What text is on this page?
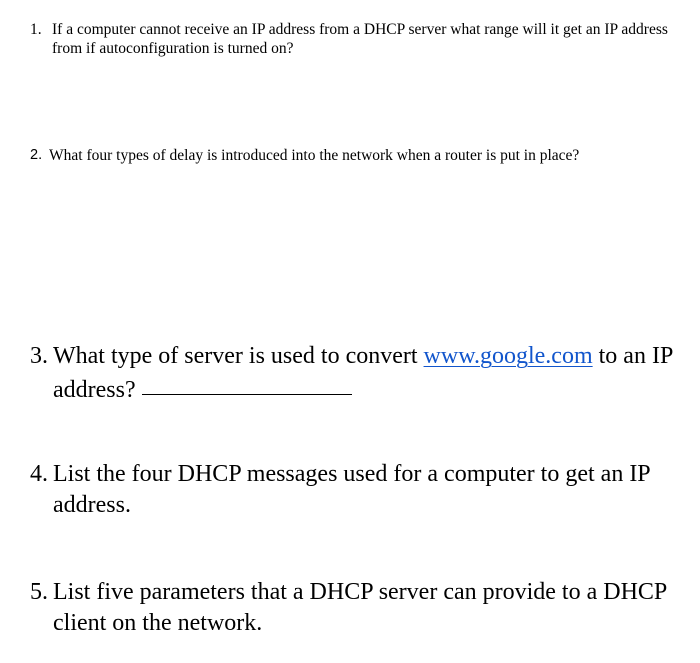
1. If a computer cannot receive an IP address from a DHCP server what range will it get an IP address from if autoconfiguration is turned on?
2. What four types of delay is introduced into the network when a router is put in place?
3. What type of server is used to convert www.google.com to an IP address?
4. List the four DHCP messages used for a computer to get an IP address.
5. List five parameters that a DHCP server can provide to a DHCP client on the network.
